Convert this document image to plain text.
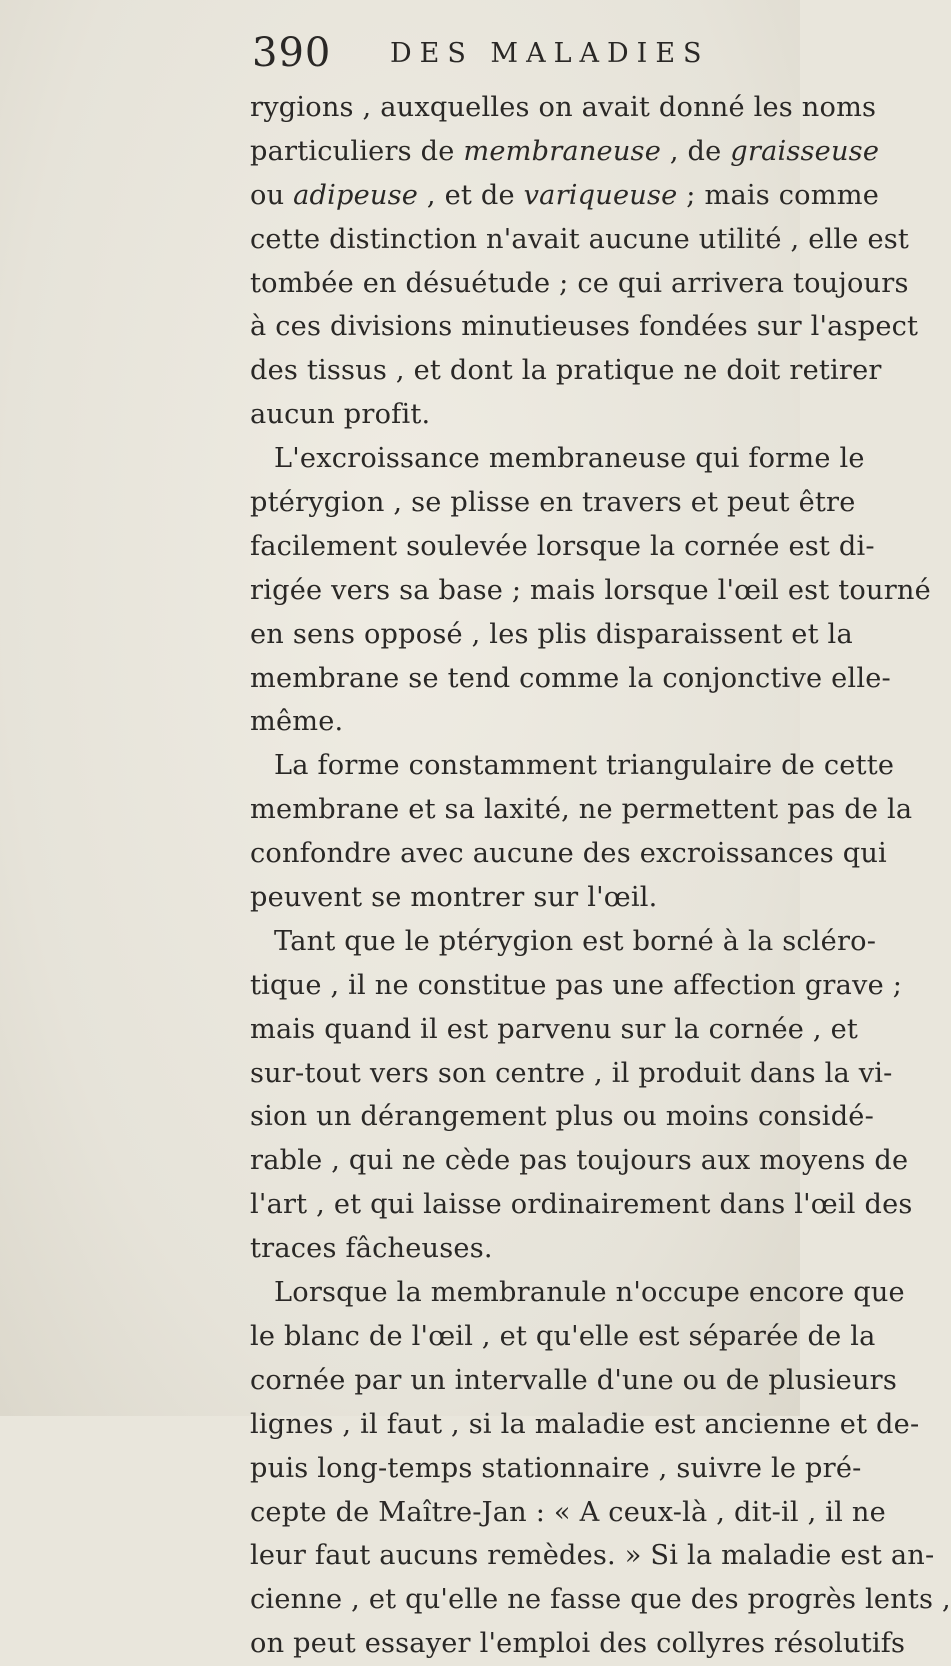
390 DES MALADIES
rygions , auxquelles on avait donné les noms
particuliers de membraneuse , de graisseuse
ou adipeuse , et de variqueuse ; mais comme
cette distinction n'avait aucune utilité , elle est
tombée en désuétude ; ce qui arrivera toujours
à ces divisions minutieuses fondées sur l'aspect
des tissus , et dont la pratique ne doit retirer
aucun profit.
L'excroissance membraneuse qui forme le
ptérygion , se plisse en travers et peut être
facilement soulevée lorsque la cornée est di-
rigée vers sa base ; mais lorsque l'œil est tourné
en sens opposé , les plis disparaissent et la
membrane se tend comme la conjonctive elle-
même.
La forme constamment triangulaire de cette
membrane et sa laxité, ne permettent pas de la
confondre avec aucune des excroissances qui
peuvent se montrer sur l'œil.
Tant que le ptérygion est borné à la scléro-
tique , il ne constitue pas une affection grave ;
mais quand il est parvenu sur la cornée , et
sur-tout vers son centre , il produit dans la vi-
sion un dérangement plus ou moins considé-
rable , qui ne cède pas toujours aux moyens de
l'art , et qui laisse ordinairement dans l'œil des
traces fâcheuses.
Lorsque la membranule n'occupe encore que
le blanc de l'œil , et qu'elle est séparée de la
cornée par un intervalle d'une ou de plusieurs
lignes , il faut , si la maladie est ancienne et de-
puis long-temps stationnaire , suivre le pré-
cepte de Maître-Jan : « A ceux-là , dit-il , il ne
leur faut aucuns remèdes. » Si la maladie est an-
cienne , et qu'elle ne fasse que des progrès lents ,
on peut essayer l'emploi des collyres résolutifs
